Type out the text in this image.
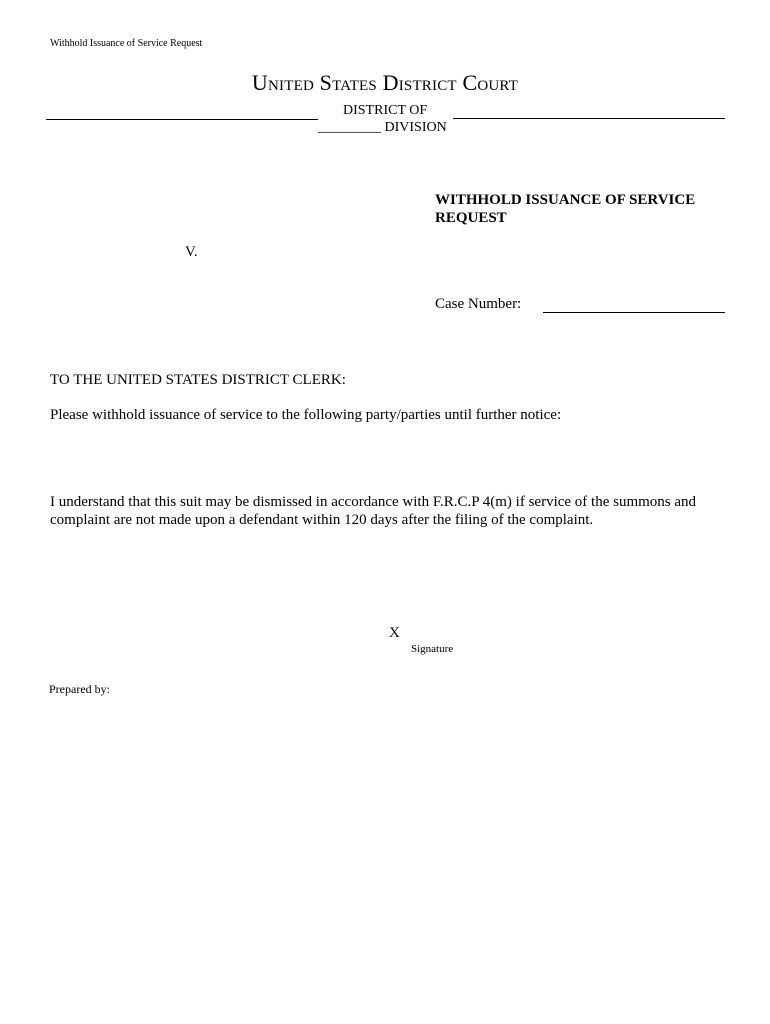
Withhold Issuance of Service Request
United States District Court
DISTRICT OF
_________ DIVISION
WITHHOLD ISSUANCE OF SERVICE REQUEST
V.
Case Number:
TO THE UNITED STATES DISTRICT CLERK:
Please withhold issuance of service to the following party/parties until further notice:
I understand that this suit may be dismissed in accordance with F.R.C.P 4(m) if service of the summons and complaint are not made upon a defendant within 120 days after the filing of the complaint.
X
Signature
Prepared by:
